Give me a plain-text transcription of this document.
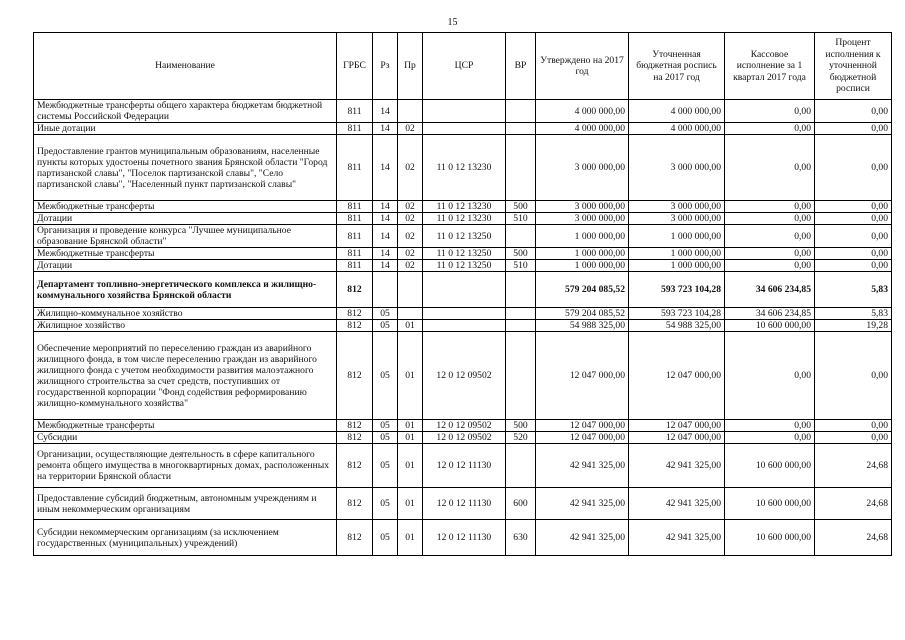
15
Наименование	ГРБС	Рз	Пр	ЦСР	ВР	Утверждено на 2017 год	Уточненная бюджетная роспись на 2017 год	Кассовое исполнение за 1 квартал 2017 года	Процент исполнения к уточненной бюджетной росписи
Межбюджетные трансферты общего характера бюджетам бюджетной системы Российской Федерации	811	14				4 000 000,00	4 000 000,00	0,00	0,00
Иные дотации	811	14	02			4 000 000,00	4 000 000,00	0,00	0,00
Предоставление грантов муниципальным образованиям, населенные пункты которых удостоены почетного звания Брянской области "Город партизанской славы", "Поселок партизанской славы", "Село партизанской славы", "Населенный пункт партизанской славы"	811	14	02	11 0 12 13230		3 000 000,00	3 000 000,00	0,00	0,00
Межбюджетные трансферты	811	14	02	11 0 12 13230	500	3 000 000,00	3 000 000,00	0,00	0,00
Дотации	811	14	02	11 0 12 13230	510	3 000 000,00	3 000 000,00	0,00	0,00
Организация и проведение конкурса "Лучшее муниципальное образование Брянской области"	811	14	02	11 0 12 13250		1 000 000,00	1 000 000,00	0,00	0,00
Межбюджетные трансферты	811	14	02	11 0 12 13250	500	1 000 000,00	1 000 000,00	0,00	0,00
Дотации	811	14	02	11 0 12 13250	510	1 000 000,00	1 000 000,00	0,00	0,00
Департамент топливно-энергетического комплекса и жилищно-коммунального хозяйства Брянской области	812					579 204 085,52	593 723 104,28	34 606 234,85	5,83
Жилищно-коммунальное хозяйство	812	05				579 204 085,52	593 723 104,28	34 606 234,85	5,83
Жилищное хозяйство	812	05	01			54 988 325,00	54 988 325,00	10 600 000,00	19,28
Обеспечение мероприятий по переселению граждан из аварийного жилищного фонда, в том числе переселению граждан из аварийного жилищного фонда с учетом необходимости развития малоэтажного жилищного строительства за счет средств, поступивших от государственной корпорации "Фонд содействия реформированию жилищно-коммунального хозяйства"	812	05	01	12 0 12 09502		12 047 000,00	12 047 000,00	0,00	0,00
Межбюджетные трансферты	812	05	01	12 0 12 09502	500	12 047 000,00	12 047 000,00	0,00	0,00
Субсидии	812	05	01	12 0 12 09502	520	12 047 000,00	12 047 000,00	0,00	0,00
Организации, осуществляющие деятельность в сфере капитального ремонта общего имущества в многоквартирных домах, расположенных на территории Брянской области	812	05	01	12 0 12 11130		42 941 325,00	42 941 325,00	10 600 000,00	24,68
Предоставление субсидий бюджетным, автономным учреждениям и иным некоммерческим организациям	812	05	01	12 0 12 11130	600	42 941 325,00	42 941 325,00	10 600 000,00	24,68
Субсидии некоммерческим организациям (за исключением государственных (муниципальных) учреждений)	812	05	01	12 0 12 11130	630	42 941 325,00	42 941 325,00	10 600 000,00	24,68
